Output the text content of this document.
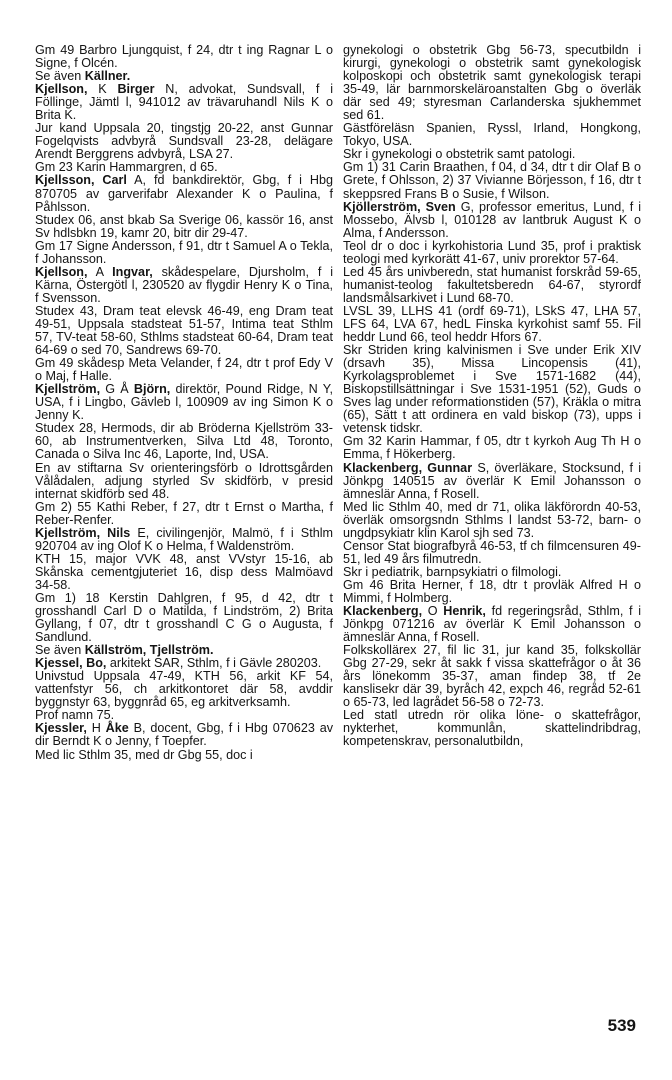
Gm 49 Barbro Ljungquist, f 24, dtr t ing Ragnar L o Signe, f Olcén.

Se även Källner.

Kjellson, K Birger N, advokat, Sundsvall, f i Föllinge, Jämtl l, 941012 av trävaruhandl Nils K o Brita K.

Jur kand Uppsala 20, tingstjg 20-22, anst Gunnar Fogelqvists advbyrå Sundsvall 23-28, delägare Arendt Berggrens advbyrå, LSA 27.

Gm 23 Karin Hammargren, d 65.

Kjellsson, Carl A, fd bankdirektör, Gbg, f i Hbg 870705 av garverifabr Alexander K o Paulina, f Påhlsson.

Studex 06, anst bkab Sa Sverige 06, kassör 16, anst Sv hdlsbkn 19, kamr 20, bitr dir 29-47.

Gm 17 Signe Andersson, f 91, dtr t Samuel A o Tekla, f Johansson.

Kjellson, A Ingvar, skådespelare, Djursholm, f i Kärna, Östergötl l, 230520 av flygdir Henry K o Tina, f Svensson.

Studex 43, Dram teat elevsk 46-49, eng Dram teat 49-51, Uppsala stadsteat 51-57, Intima teat Sthlm 57, TV-teat 58-60, Sthlms stadsteat 60-64, Dram teat 64-69 o sed 70, Sandrews 69-70.

Gm 49 skådesp Meta Velander, f 24, dtr t prof Edy V o Maj, f Halle.

Kjellström, G Å Björn, direktör, Pound Ridge, N Y, USA, f i Lingbo, Gävleb l, 100909 av ing Simon K o Jenny K.

Studex 28, Hermods, dir ab Bröderna Kjellström 33-60, ab Instrumentverken, Silva Ltd 48, Toronto, Canada o Silva Inc 46, Laporte, Ind, USA.

En av stiftarna Sv orienteringsförb o Idrottsgården Vålådalen, adjung styrled Sv skidförb, v presid internat skidförb sed 48.

Gm 2) 55 Kathi Reber, f 27, dtr t Ernst o Martha, f Reber-Renfer.

Kjellström, Nils E, civilingenjör, Malmö, f i Sthlm 920704 av ing Olof K o Helma, f Waldenström.

KTH 15, major VVK 48, anst VVstyr 15-16, ab Skånska cementgjuteriet 16, disp dess Malmöavd 34-58.

Gm 1) 18 Kerstin Dahlgren, f 95, d 42, dtr t grosshandl Carl D o Matilda, f Lindström, 2) Brita Gyllang, f 07, dtr t grosshandl C G o Augusta, f Sandlund.

Se även Källström, Tjellström.

Kjessel, Bo, arkitekt SAR, Sthlm, f i Gävle 280203.

Univstud Uppsala 47-49, KTH 56, arkit KF 54, vattenfstyr 56, ch arkitkontoret där 58, avddir byggnstyr 63, byggnråd 65, eg arkitverksamh.

Prof namn 75.

Kjessler, H Åke B, docent, Gbg, f i Hbg 070623 av dir Berndt K o Jenny, f Toepfer.

Med lic Sthlm 35, med dr Gbg 55, doc i

gynekologi o obstetrik Gbg 56-73, specutbildn i kirurgi, gynekologi o obstetrik samt gynekologisk kolposkopi och obstetrik samt gynekologisk terapi 35-49, lär barnmorskeläroanstalten Gbg o överläk där sed 49; styresman Carlanderska sjukhemmet sed 61.

Gästföreläsn Spanien, Ryssl, Irland, Hongkong, Tokyo, USA.

Skr i gynekologi o obstetrik samt patologi.

Gm 1) 31 Carin Braathen, f 04, d 34, dtr t dir Olaf B o Grete, f Ohlsson, 2) 37 Vivianne Börjesson, f 16, dtr t skeppsred Frans B o Susie, f Wilson.

Kjöllerström, Sven G, professor emeritus, Lund, f i Mossebo, Älvsb l, 010128 av lantbruk August K o Alma, f Andersson.

Teol dr o doc i kyrkohistoria Lund 35, prof i praktisk teologi med kyrkorätt 41-67, univ prorektor 57-64.

Led 45 års univberedn, stat humanist forskråd 59-65, humanist-teolog fakultetsberedn 64-67, styrordf landsmålsarkivet i Lund 68-70.

LVSL 39, LLHS 41 (ordf 69-71), LSkS 47, LHA 57, LFS 64, LVA 67, hedL Finska kyrkohist samf 55. Fil heddr Lund 66, teol heddr Hfors 67.

Skr Striden kring kalvinismen i Sve under Erik XIV (drsavh 35), Missa Lincopensis (41), Kyrkolagsproblemet i Sve 1571-1682 (44), Biskopstillsättningar i Sve 1531-1951 (52), Guds o Sves lag under reformationstiden (57), Kräkla o mitra (65), Sätt t att ordinera en vald biskop (73), upps i vetensk tidskr.

Gm 32 Karin Hammar, f 05, dtr t kyrkoh Aug Th H o Emma, f Hökerberg.

Klackenberg, Gunnar S, överläkare, Stocksund, f i Jönkpg 140515 av överlär K Emil Johansson o ämneslär Anna, f Rosell.

Med lic Sthlm 40, med dr 71, olika läkförordn 40-53, överläk omsorgsndn Sthlms l landst 53-72, barn- o ungdpsykiatr klin Karol sjh sed 73.

Censor Stat biografbyrå 46-53, tf ch filmcensuren 49-51, led 49 års filmutredn.

Skr i pediatrik, barnpsykiatri o filmologi.

Gm 46 Brita Herner, f 18, dtr t provläk Alfred H o Mimmi, f Holmberg.

Klackenberg, O Henrik, fd regeringsråd, Sthlm, f i Jönkpg 071216 av överlär K Emil Johansson o ämneslär Anna, f Rosell.

Folkskollärex 27, fil lic 31, jur kand 35, folkskollär Gbg 27-29, sekr åt sakk f vissa skattefrågor o åt 36 års lönekomm 35-37, aman findep 38, tf 2e kanslisekr där 39, byråch 42, expch 46, regråd 52-61 o 65-73, led lagrådet 56-58 o 72-73.

Led statl utredn rör olika löne- o skattefrågor, nykterhet, kommunlån, skattelindribdrag, kompetenskrav, personalutbildn,

539
